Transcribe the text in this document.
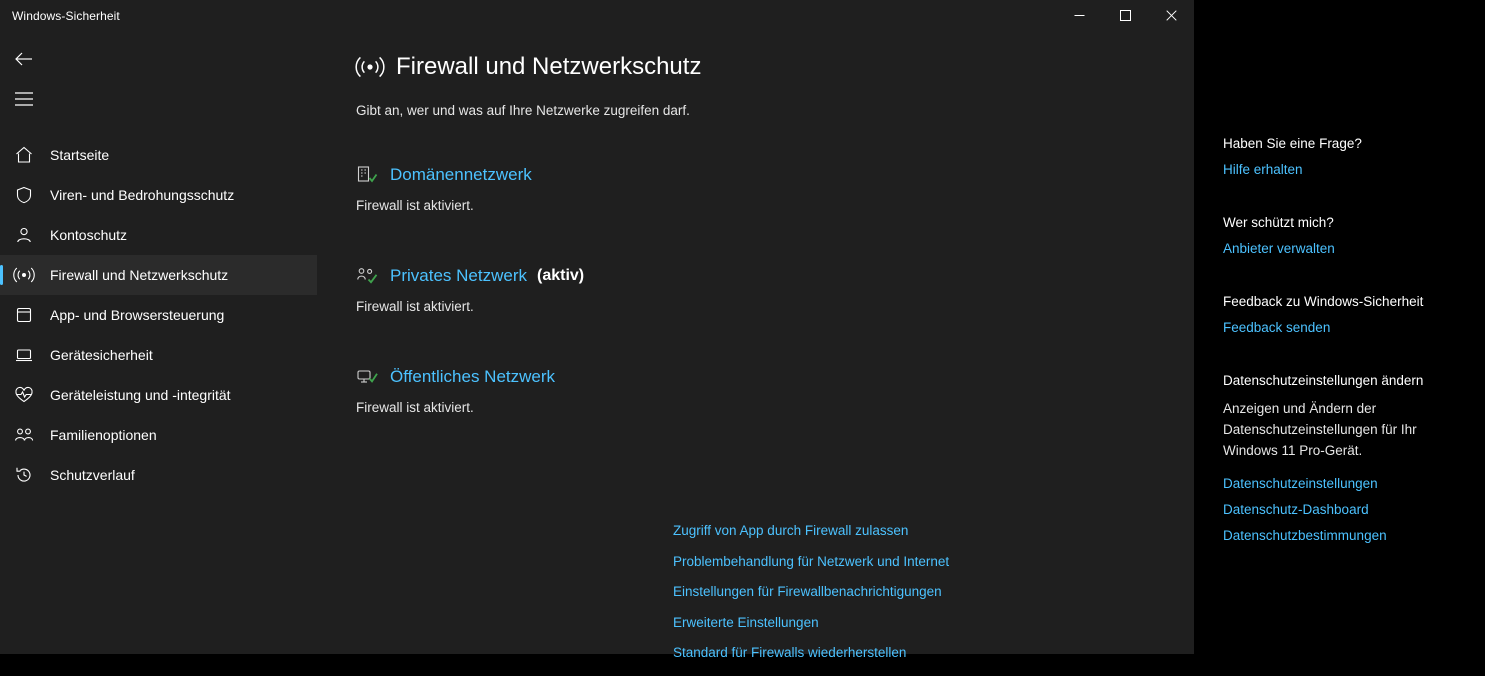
Windows-Sicherheit
Startseite
Viren- und Bedrohungsschutz
Kontoschutz
Firewall und Netzwerkschutz
App- und Browsersteuerung
Gerätesicherheit
Geräteleistung und -integrität
Familienoptionen
Schutzverlauf
Firewall und Netzwerkschutz
Gibt an, wer und was auf Ihre Netzwerke zugreifen darf.
Domänennetzwerk
Firewall ist aktiviert.
Privates Netzwerk (aktiv)
Firewall ist aktiviert.
Öffentliches Netzwerk
Firewall ist aktiviert.
Zugriff von App durch Firewall zulassen
Problembehandlung für Netzwerk und Internet
Einstellungen für Firewallbenachrichtigungen
Erweiterte Einstellungen
Standard für Firewalls wiederherstellen
Haben Sie eine Frage?
Hilfe erhalten
Wer schützt mich?
Anbieter verwalten
Feedback zu Windows-Sicherheit
Feedback senden
Datenschutzeinstellungen ändern
Anzeigen und Ändern der Datenschutzeinstellungen für Ihr Windows 11 Pro-Gerät.
Datenschutzeinstellungen
Datenschutz-Dashboard
Datenschutzbestimmungen
